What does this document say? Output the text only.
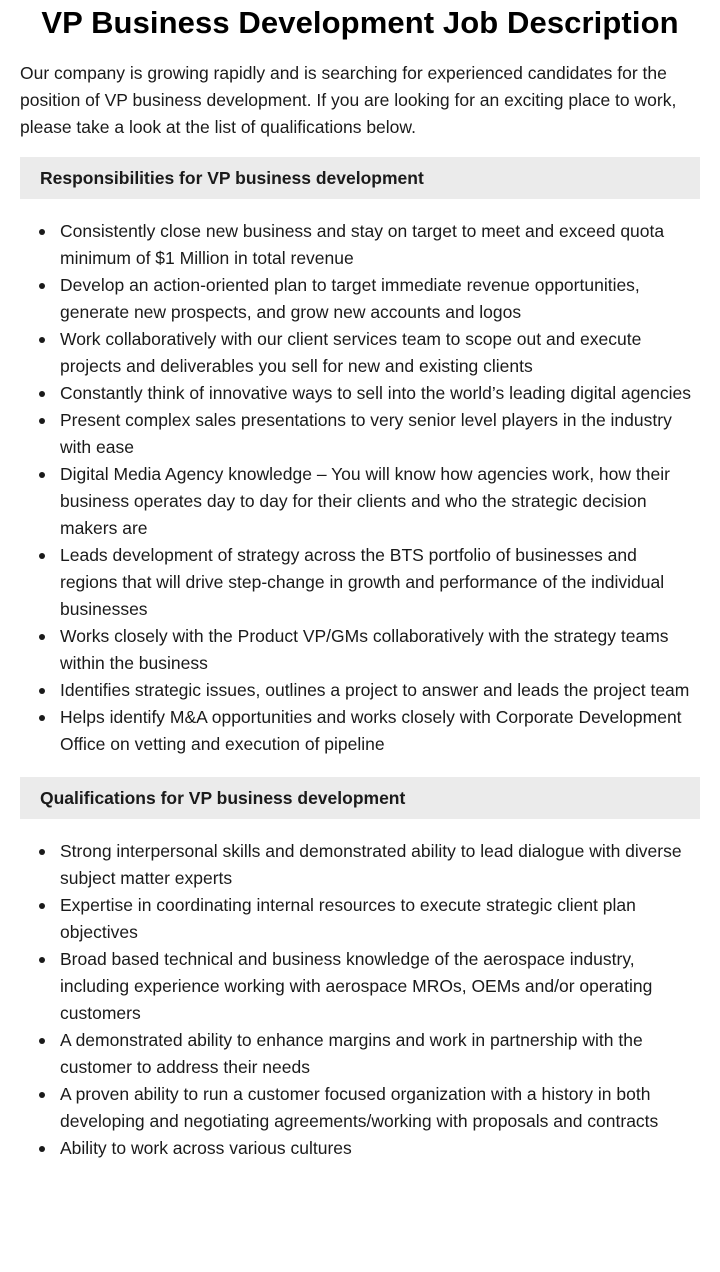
VP Business Development Job Description

Our company is growing rapidly and is searching for experienced candidates for the position of VP business development. If you are looking for an exciting place to work, please take a look at the list of qualifications below.

Responsibilities for VP business development
Consistently close new business and stay on target to meet and exceed quota minimum of $1 Million in total revenue
Develop an action-oriented plan to target immediate revenue opportunities, generate new prospects, and grow new accounts and logos
Work collaboratively with our client services team to scope out and execute projects and deliverables you sell for new and existing clients
Constantly think of innovative ways to sell into the world’s leading digital agencies
Present complex sales presentations to very senior level players in the industry with ease
Digital Media Agency knowledge – You will know how agencies work, how their business operates day to day for their clients and who the strategic decision makers are
Leads development of strategy across the BTS portfolio of businesses and regions that will drive step-change in growth and performance of the individual businesses
Works closely with the Product VP/GMs collaboratively with the strategy teams within the business
Identifies strategic issues, outlines a project to answer and leads the project team
Helps identify M&A opportunities and works closely with Corporate Development Office on vetting and execution of pipeline
Qualifications for VP business development
Strong interpersonal skills and demonstrated ability to lead dialogue with diverse subject matter experts
Expertise in coordinating internal resources to execute strategic client plan objectives
Broad based technical and business knowledge of the aerospace industry, including experience working with aerospace MROs, OEMs and/or operating customers
A demonstrated ability to enhance margins and work in partnership with the customer to address their needs
A proven ability to run a customer focused organization with a history in both developing and negotiating agreements/working with proposals and contracts
Ability to work across various cultures
